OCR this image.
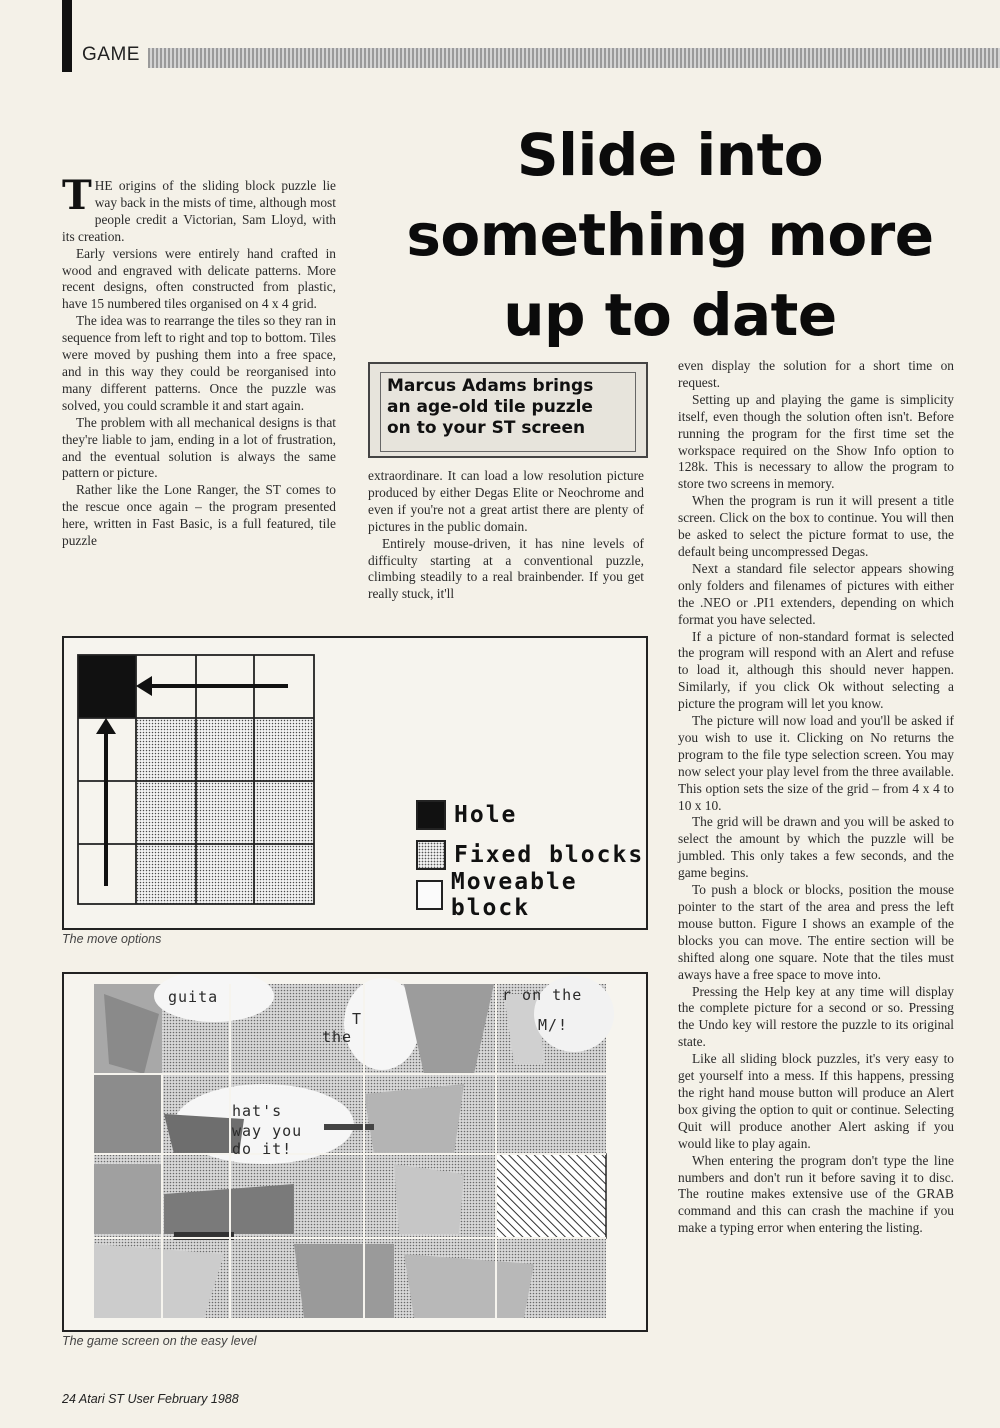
GAME
Slide into
something more
up to date
Marcus Adams brings
an age-old tile puzzle
on to your ST screen

THE origins of the sliding block puzzle lie way back in the mists of time, although most people credit a Victorian, Sam Lloyd, with its creation.

Early versions were entirely hand crafted in wood and engraved with delicate patterns. More recent designs, often constructed from plastic, have 15 numbered tiles organised on 4 x 4 grid.

The idea was to rearrange the tiles so they ran in sequence from left to right and top to bottom. Tiles were moved by pushing them into a free space, and in this way they could be reorganised into many different patterns. Once the puzzle was solved, you could scramble it and start again.

The problem with all mechanical designs is that they're liable to jam, ending in a lot of frustration, and the eventual solution is always the same pattern or picture.

Rather like the Lone Ranger, the ST comes to the rescue once again – the program presented here, written in Fast Basic, is a full featured, tile puzzle

extraordinare. It can load a low resolution picture produced by either Degas Elite or Neochrome and even if you're not a great artist there are plenty of pictures in the public domain.

Entirely mouse-driven, it has nine levels of difficulty starting at a conventional puzzle, climbing steadily to a real brainbender. If you get really stuck, it'll

even display the solution for a short time on request.

Setting up and playing the game is simplicity itself, even though the solution often isn't. Before running the program for the first time set the workspace required on the Show Info option to 128k. This is necessary to allow the program to store two screens in memory.

When the program is run it will present a title screen. Click on the box to continue. You will then be asked to select the picture format to use, the default being uncompressed Degas.

Next a standard file selector appears showing only folders and filenames of pictures with either the .NEO or .PI1 extenders, depending on which format you have selected.

If a picture of non-standard format is selected the program will respond with an Alert and refuse to load it, although this should never happen. Similarly, if you click Ok without selecting a picture the program will let you know.

The picture will now load and you'll be asked if you wish to use it. Clicking on No returns the program to the file type selection screen. You may now select your play level from the three available. This option sets the size of the grid – from 4 x 4 to 10 x 10.

The grid will be drawn and you will be asked to select the amount by which the puzzle will be jumbled. This only takes a few seconds, and the game begins.

To push a block or blocks, position the mouse pointer to the start of the area and press the left mouse button. Figure I shows an example of the blocks you can move. The entire section will be shifted along one square. Note that the tiles must aways have a free space to move into.

Pressing the Help key at any time will display the complete picture for a second or so. Pressing the Undo key will restore the puzzle to its original state.

Like all sliding block puzzles, it's very easy to get yourself into a mess. If this happens, pressing the right hand mouse button will produce an Alert box giving the option to quit or continue. Selecting Quit will produce another Alert asking if you would like to play again.

When entering the program don't type the line numbers and don't run it before saving it to disc. The routine makes extensive use of the GRAB command and this can crash the machine if you make a typing error when entering the listing.

Hole
Fixed blocks
Moveable block
The move options
guita	r on the
the
T	M/!
hat's
way you
do it!
The game screen on the easy level
24 Atari ST User February 1988
